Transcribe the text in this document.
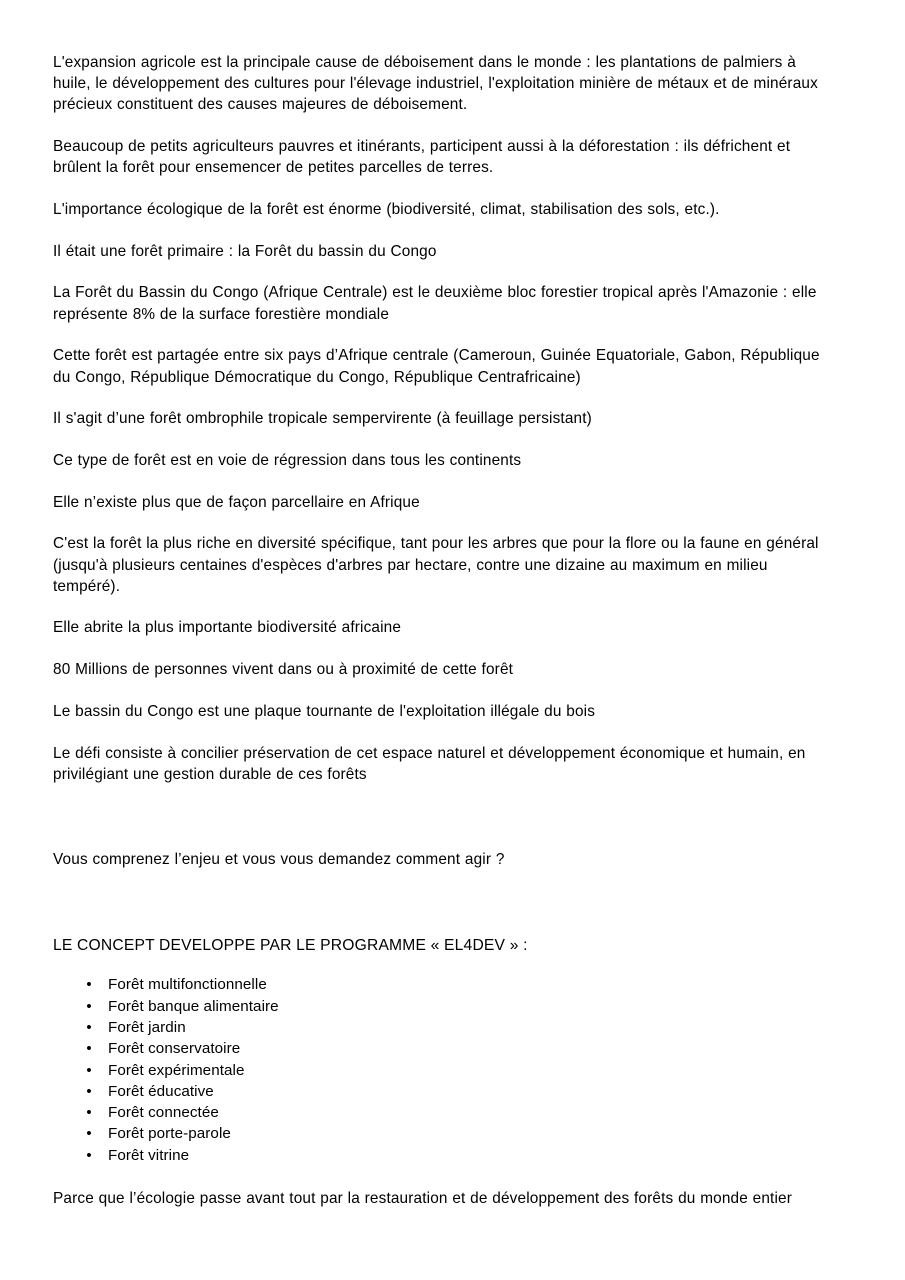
L'expansion agricole est la principale cause de déboisement dans le monde : les plantations de palmiers à huile, le développement des cultures pour l'élevage industriel, l'exploitation minière de métaux et de minéraux précieux constituent des causes majeures de déboisement.

Beaucoup de petits agriculteurs pauvres et itinérants, participent aussi à la déforestation : ils défrichent et brûlent la forêt pour ensemencer de petites parcelles de terres.

L'importance écologique de la forêt est énorme (biodiversité, climat, stabilisation des sols, etc.).

Il était une forêt primaire : la Forêt du bassin du Congo

La Forêt du Bassin du Congo (Afrique Centrale) est le deuxième bloc forestier tropical après l'Amazonie : elle représente 8% de la surface forestière mondiale

Cette forêt est partagée entre six pays d’Afrique centrale (Cameroun, Guinée Equatoriale, Gabon, République du Congo, République Démocratique du Congo, République Centrafricaine)

Il s'agit d’une forêt ombrophile tropicale sempervirente (à feuillage persistant)

Ce type de forêt est en voie de régression dans tous les continents

Elle n’existe plus que de façon parcellaire en Afrique

C'est la forêt la plus riche en diversité spécifique, tant pour les arbres que pour la flore ou la faune en général (jusqu'à plusieurs centaines d'espèces d'arbres par hectare, contre une dizaine au maximum en milieu tempéré).

Elle abrite la plus importante biodiversité africaine

80 Millions de personnes vivent dans ou à proximité de cette forêt

Le bassin du Congo est une plaque tournante de l'exploitation illégale du bois

Le défi consiste à concilier préservation de cet espace naturel et développement économique et humain, en privilégiant une gestion durable de ces forêts

Vous comprenez l’enjeu et vous vous demandez comment agir ?

LE CONCEPT DEVELOPPE PAR LE PROGRAMME « EL4DEV » :

• Forêt multifonctionnelle
• Forêt banque alimentaire
• Forêt jardin
• Forêt conservatoire
• Forêt expérimentale
• Forêt éducative
• Forêt connectée
• Forêt porte-parole
• Forêt vitrine

Parce que l’écologie passe avant tout par la restauration et de développement des forêts du monde entier
